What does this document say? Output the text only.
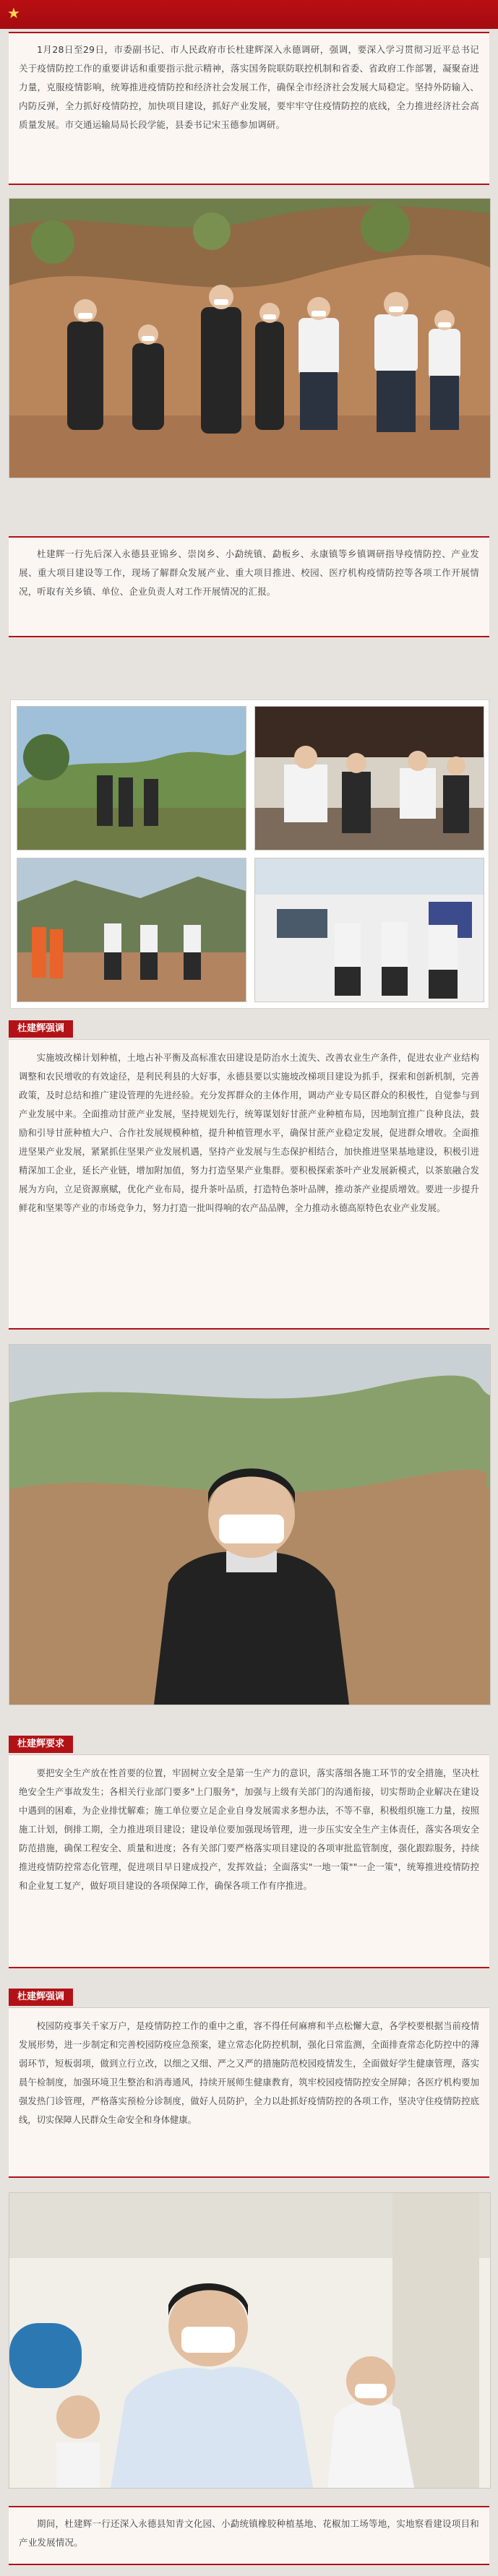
★
1月28日至29日，市委副书记、市人民政府市长杜建辉深入永德调研，强调，要深入学习贯彻习近平总书记关于疫情防控工作的重要讲话和重要指示批示精神，落实国务院联防联控机制和省委、省政府工作部署，凝聚奋进力量，克服疫情影响，统筹推进疫情防控和经济社会发展工作，确保全市经济社会发展大局稳定。坚持外防输入、内防反弹，全力抓好疫情防控，加快项目建设，抓好产业发展，要牢牢守住疫情防控的底线，全力推进经济社会高质量发展。市交通运输局局长段学能，县委书记宋玉德参加调研。
杜建辉一行先后深入永德县亚锦乡、崇岗乡、小勐统镇、勐板乡、永康镇等乡镇调研指导疫情防控、产业发展、重大项目建设等工作，现场了解群众发展产业、重大项目推进、校园、医疗机构疫情防控等各项工作开展情况，听取有关乡镇、单位、企业负责人对工作开展情况的汇报。
杜建辉强调
实施坡改梯计划种植，土地占补平衡及高标准农田建设是防治水土流失、改善农业生产条件，促进农业产业结构调整和农民增收的有效途径，是利民利县的大好事，永德县要以实施坡改梯项目建设为抓手，探索和创新机制，完善政策，及时总结和推广建设管理的先进经验。充分发挥群众的主体作用，调动产业专局区群众的积极性，自觉参与到产业发展中来。全面推动甘蔗产业发展，坚持规划先行，统筹谋划好甘蔗产业种植布局，因地制宜推广良种良法，鼓励和引导甘蔗种植大户、合作社发展规模种植，提升种植管理水平，确保甘蔗产业稳定发展，促进群众增收。全面推进坚果产业发展，紧紧抓住坚果产业发展机遇，坚持产业发展与生态保护相结合，加快推进坚果基地建设，积极引进精深加工企业，延长产业链，增加附加值，努力打造坚果产业集群。要积极探索茶叶产业发展新模式，以茶旅融合发展为方向，立足资源禀赋，优化产业布局，提升茶叶品质，打造特色茶叶品牌，推动茶产业提质增效。要进一步提升鲜花和坚果等产业的市场竞争力，努力打造一批叫得响的农产品品牌，全力推动永德高原特色农业产业发展。
杜建辉要求
要把安全生产放在性首要的位置，牢固树立安全是第一生产力的意识，落实落细各施工环节的安全措施，坚决杜绝安全生产事故发生；各相关行业部门要多"上门服务"，加强与上级有关部门的沟通衔接，切实帮助企业解决在建设中遇到的困难，为企业排忧解难；施工单位要立足企业自身发展需求多想办法，不等不靠，积极组织施工力量，按照施工计划，倒排工期，全力推进项目建设；建设单位要加强现场管理，进一步压实安全生产主体责任，落实各项安全防范措施，确保工程安全、质量和进度；各有关部门要严格落实项目建设的各项审批监管制度，强化跟踪服务，持续推进疫情防控常态化管理，促进项目早日建成投产，发挥效益；全面落实"一地一策""一企一策"，统筹推进疫情防控和企业复工复产，做好项目建设的各项保障工作，确保各项工作有序推进。
杜建辉强调
校园防疫事关千家万户，是疫情防控工作的重中之重，容不得任何麻痹和半点松懈大意，各学校要根据当前疫情发展形势，进一步制定和完善校园防疫应急预案，建立常态化防控机制，强化日常监测，全面排查常态化防控中的薄弱环节，短板弱项，做到立行立改，以细之又细、严之又严的措施防范校园疫情发生，全面做好学生健康管理，落实晨午检制度，加强环境卫生整治和消毒通风，持续开展师生健康教育，筑牢校园疫情防控安全屏障；各医疗机构要加强发热门诊管理，严格落实预检分诊制度，做好人员防护，全力以赴抓好疫情防控的各项工作，坚决守住疫情防控底线，切实保障人民群众生命安全和身体健康。
期间，杜建辉一行还深入永德县知青文化园、小勐统镇橡胶种植基地、花椒加工场等地，实地察看建设项目和产业发展情况。
